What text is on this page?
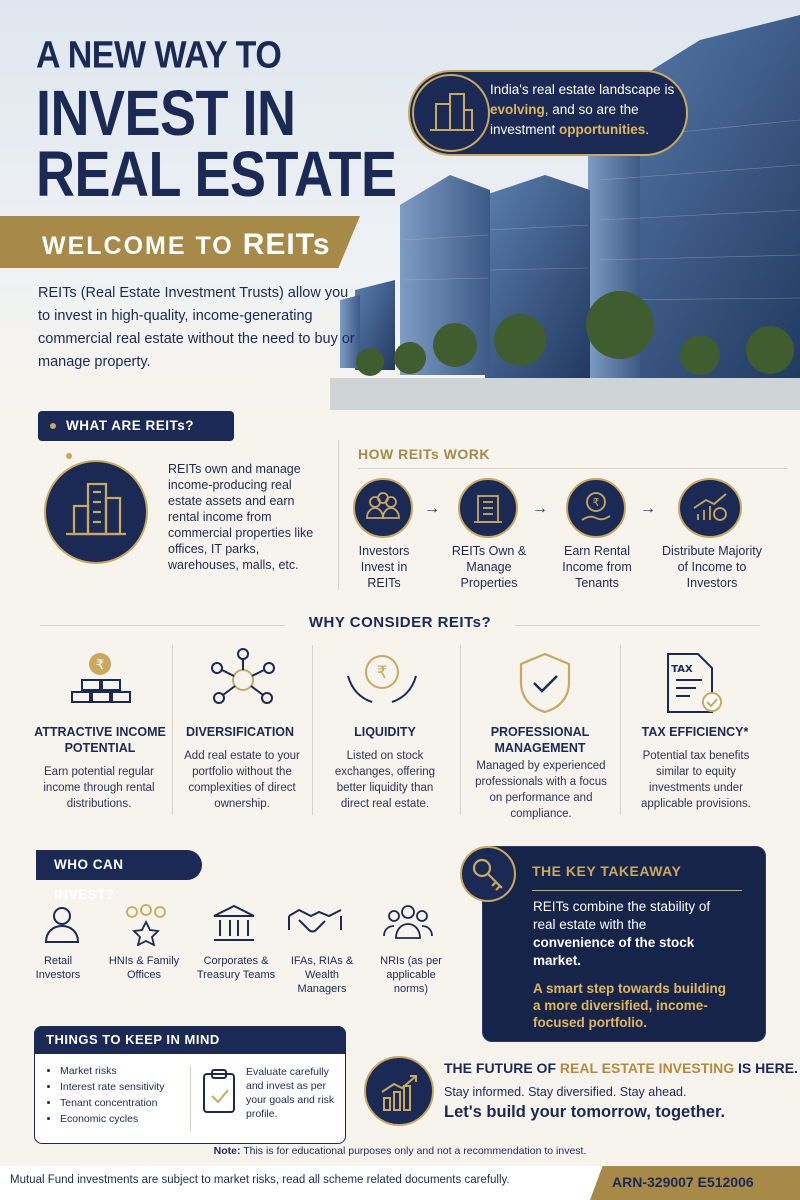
A NEW WAY TO
INVEST IN
REAL ESTATE
WELCOME TO REITs
REITs (Real Estate Investment Trusts) allow you to invest in high-quality, income-generating commercial real estate without the need to buy or manage property.
India's real estate landscape is evolving, and so are the investment opportunities.
WHAT ARE REITs?
REITs own and manage income-producing real estate assets and earn rental income from commercial properties like offices, IT parks, warehouses, malls, etc.
HOW REITs WORK
→	→	₹	→
Investors Invest in REITs
REITs Own & Manage Properties
Earn Rental Income from Tenants
Distribute Majority of Income to Investors
WHY CONSIDER REITs?
₹	₹	TAX
ATTRACTIVE INCOME POTENTIAL
DIVERSIFICATION	LIQUIDITY	PROFESSIONAL MANAGEMENT
TAX EFFICIENCY*
Earn potential regular income through rental distributions.
Add real estate to your portfolio without the complexities of direct ownership.
Listed on stock exchanges, offering better liquidity than direct real estate.
Managed by experienced professionals with a focus on performance and compliance.
Potential tax benefits similar to equity investments under applicable provisions.
WHO CAN INVEST?
Retail Investors
HNIs & Family Offices
Corporates & Treasury Teams
IFAs, RIAs & Wealth Managers
NRIs (as per applicable norms)
THE KEY TAKEAWAY
REITs combine the stability of real estate with the convenience of the stock market.
A smart step towards building a more diversified, income-focused portfolio.
THINGS TO KEEP IN MIND
• Market risks
• Interest rate sensitivity
• Tenant concentration
• Economic cycles
Evaluate carefully and invest as per your goals and risk profile.
THE FUTURE OF REAL ESTATE INVESTING IS HERE.
Stay informed. Stay diversified. Stay ahead.
Let's build your tomorrow, together.
Note: This is for educational purposes only and not a recommendation to invest.
Mutual Fund investments are subject to market risks, read all scheme related documents carefully.	ARN-329007 E512006
